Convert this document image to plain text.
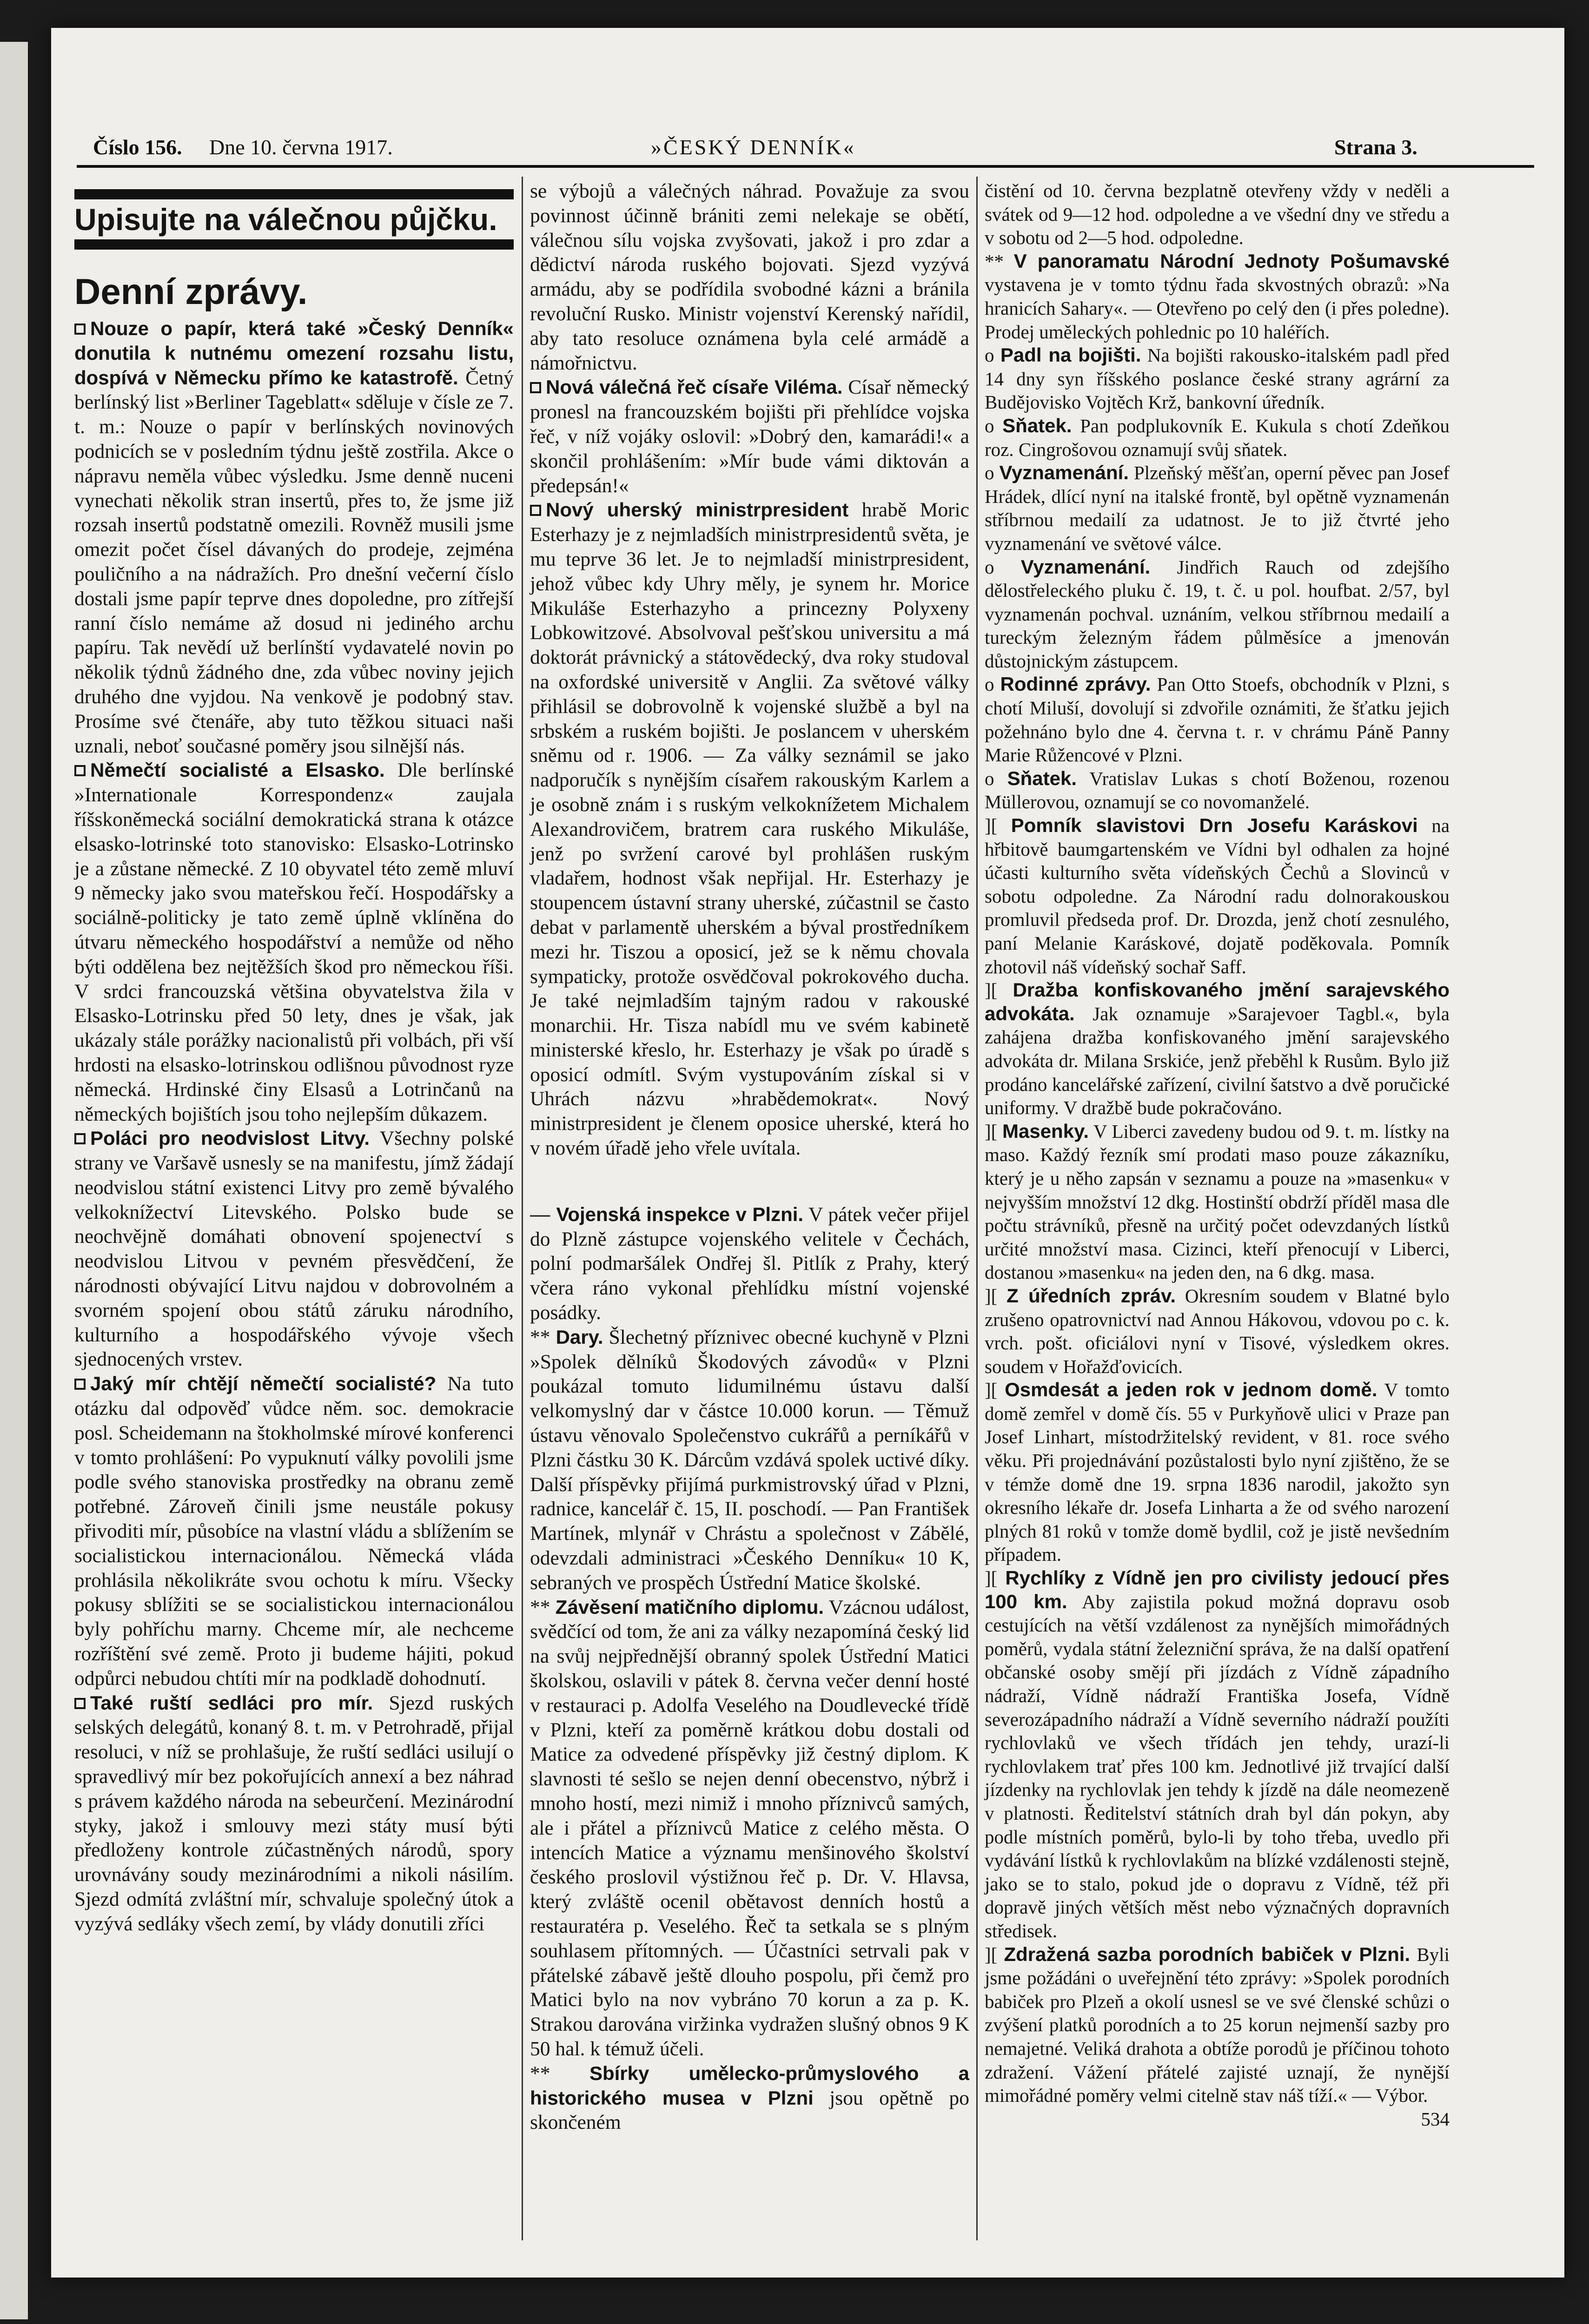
Číslo 156. Dne 10. června 1917.	»ČESKÝ DENNÍK«	Strana 3.
Upisujte na válečnou půjčku.
Denní zprávy.

Nouze o papír, která také »Český Denník« donutila k nutnému omezení rozsahu listu, dospívá v Německu přímo ke katastrofě. Četný berlínský list »Berliner Tageblatt« sděluje v čísle ze 7. t. m.: Nouze o papír v berlínských novinových podnicích se v posledním týdnu ještě zostřila. Akce o nápravu neměla vůbec výsledku. Jsme denně nuceni vynechati několik stran insertů, přes to, že jsme již rozsah insertů podstatně omezili. Rovněž musili jsme omezit počet čísel dávaných do prodeje, zejména pouličního a na nádražích. Pro dnešní večerní číslo dostali jsme papír teprve dnes dopoledne, pro zítřejší ranní číslo nemáme až dosud ni jediného archu papíru. Tak nevědí už berlínští vydavatelé novin po několik týdnů žádného dne, zda vůbec noviny jejich druhého dne vyjdou. Na venkově je podobný stav. Prosíme své čtenáře, aby tuto těžkou situaci naši uznali, neboť současné poměry jsou silnější nás.

Němečtí socialisté a Elsasko. Dle berlínské »Internationale Korrespondenz« zaujala říšskoněmecká sociální demokratická strana k otázce elsasko-lotrinské toto stanovisko: Elsasko-Lotrinsko je a zůstane německé. Z 10 obyvatel této země mluví 9 německy jako svou mateřskou řečí. Hospodářsky a sociálně-politicky je tato země úplně vklíněna do útvaru německého hospodářství a nemůže od něho býti oddělena bez nejtěžších škod pro německou říši. V srdci francouzská většina obyvatelstva žila v Elsasko-Lotrinsku před 50 lety, dnes je však, jak ukázaly stále porážky nacionalistů při volbách, při vší hrdosti na elsasko-lotrinskou odlišnou původnost ryze německá. Hrdinské činy Elsasů a Lotrinčanů na německých bojištích jsou toho nejlepším důkazem.

Poláci pro neodvislost Litvy. Všechny polské strany ve Varšavě usnesly se na manifestu, jímž žádají neodvislou státní existenci Litvy pro země bývalého velkoknížectví Litevského. Polsko bude se neochvějně domáhati obnovení spojenectví s neodvislou Litvou v pevném přesvědčení, že národnosti obývající Litvu najdou v dobrovolném a svorném spojení obou států záruku národního, kulturního a hospodářského vývoje všech sjednocených vrstev.

Jaký mír chtějí němečtí socialisté? Na tuto otázku dal odpověď vůdce něm. soc. demokracie posl. Scheidemann na štokholmské mírové konferenci v tomto prohlášení: Po vypuknutí války povolili jsme podle svého stanoviska prostředky na obranu země potřebné. Zároveň činili jsme neustále pokusy přivoditi mír, působíce na vlastní vládu a sblížením se socialistickou internacionálou. Německá vláda prohlásila několikráte svou ochotu k míru. Všecky pokusy sblížiti se se socialistickou internacionálou byly pohříchu marny. Chceme mír, ale nechceme rozříštění své země. Proto ji budeme hájiti, pokud odpůrci nebudou chtíti mír na podkladě dohodnutí.

Také ruští sedláci pro mír. Sjezd ruských selských delegátů, konaný 8. t. m. v Petrohradě, přijal resoluci, v níž se prohlašuje, že ruští sedláci usilují o spravedlivý mír bez pokořujících annexí a bez náhrad s právem každého národa na sebeurčení. Mezinárodní styky, jakož i smlouvy mezi státy musí býti předloženy kontrole zúčastněných národů, spory urovnávány soudy mezinárodními a nikoli násilím. Sjezd odmítá zvláštní mír, schvaluje společný útok a vyzývá sedláky všech zemí, by vlády donutili zříci

se výbojů a válečných náhrad. Považuje za svou povinnost účinně brániti zemi nelekaje se obětí, válečnou sílu vojska zvyšovati, jakož i pro zdar a dědictví národa ruského bojovati. Sjezd vyzývá armádu, aby se podřídila svobodné kázni a bránila revoluční Rusko. Ministr vojenství Kerenský nařídil, aby tato resoluce oznámena byla celé armádě a námořnictvu.

Nová válečná řeč císaře Viléma. Císař německý pronesl na francouzském bojišti při přehlídce vojska řeč, v níž vojáky oslovil: »Dobrý den, kamarádi!« a skončil prohlášením: »Mír bude vámi diktován a předepsán!«

Nový uherský ministrpresident hrabě Moric Esterhazy je z nejmladších ministrpresidentů světa, je mu teprve 36 let. Je to nejmladší ministrpresident, jehož vůbec kdy Uhry měly, je synem hr. Morice Mikuláše Esterhazyho a princezny Polyxeny Lobkowitzové. Absolvoval pešťskou universitu a má doktorát právnický a státovědecký, dva roky studoval na oxfordské universitě v Anglii. Za světové války přihlásil se dobrovolně k vojenské službě a byl na srbském a ruském bojišti. Je poslancem v uherském sněmu od r. 1906. — Za války seznámil se jako nadporučík s nynějším císařem rakouským Karlem a je osobně znám i s ruským velkoknížetem Michalem Alexandrovičem, bratrem cara ruského Mikuláše, jenž po svržení carové byl prohlášen ruským vladařem, hodnost však nepřijal. Hr. Esterhazy je stoupencem ústavní strany uherské, zúčastnil se často debat v parlamentě uherském a býval prostředníkem mezi hr. Tiszou a oposicí, jež se k němu chovala sympaticky, protože osvědčoval pokrokového ducha. Je také nejmladším tajným radou v rakouské monarchii. Hr. Tisza nabídl mu ve svém kabinetě ministerské křeslo, hr. Esterhazy je však po úradě s oposicí odmítl. Svým vystupováním získal si v Uhrách názvu »hrabědemokrat«. Nový ministrpresident je členem oposice uherské, která ho v novém úřadě jeho vřele uvítala.

— Vojenská inspekce v Plzni. V pátek večer přijel do Plzně zástupce vojenského velitele v Čechách, polní podmaršálek Ondřej šl. Pitlík z Prahy, který včera ráno vykonal přehlídku místní vojenské posádky.

** Dary. Šlechetný příznivec obecné kuchyně v Plzni »Spolek dělníků Škodových závodů« v Plzni poukázal tomuto lidumilnému ústavu další velkomyslný dar v částce 10.000 korun. — Těmuž ústavu věnovalo Společenstvo cukrářů a perníkářů v Plzni částku 30 K. Dárcům vzdává spolek uctivé díky. Další příspěvky přijímá purkmistrovský úřad v Plzni, radnice, kancelář č. 15, II. poschodí. — Pan František Martínek, mlynář v Chrástu a společnost v Zábělé, odevzdali administraci »Českého Denníku« 10 K, sebraných ve prospěch Ústřední Matice školské.

** Závěsení matičního diplomu. Vzácnou událost, svědčící od tom, že ani za války nezapomíná český lid na svůj nejpřednější obranný spolek Ústřední Matici školskou, oslavili v pátek 8. června večer denní hosté v restauraci p. Adolfa Veselého na Doudlevecké třídě v Plzni, kteří za poměrně krátkou dobu dostali od Matice za odvedené příspěvky již čestný diplom. K slavnosti té sešlo se nejen denní obecenstvo, nýbrž i mnoho hostí, mezi nimiž i mnoho příznivců samých, ale i přátel a příznivců Matice z celého města. O intencích Matice a významu menšinového školství českého proslovil výstižnou řeč p. Dr. V. Hlavsa, který zvláště ocenil obětavost denních hostů a restauratéra p. Veselého. Řeč ta setkala se s plným souhlasem přítomných. — Účastníci setrvali pak v přátelské zábavě ještě dlouho pospolu, při čemž pro Matici bylo na nov vybráno 70 korun a za p. K. Strakou darována viržinka vydražen slušný obnos 9 K 50 hal. k témuž účeli.

** Sbírky umělecko-průmyslového a historického musea v Plzni jsou opětně po skončeném

čistění od 10. června bezplatně otevřeny vždy v neděli a svátek od 9—12 hod. odpoledne a ve všední dny ve středu a v sobotu od 2—5 hod. odpoledne.

** V panoramatu Národní Jednoty Pošumavské vystavena je v tomto týdnu řada skvostných obrazů: »Na hranicích Sahary«. — Otevřeno po celý den (i přes poledne). Prodej uměleckých pohlednic po 10 haléřích.

o Padl na bojišti. Na bojišti rakousko-italském padl před 14 dny syn říšského poslance české strany agrární za Budějovisko Vojtěch Krž, bankovní úředník.

o Sňatek. Pan podplukovník E. Kukula s chotí Zdeňkou roz. Cingrošovou oznamují svůj sňatek.

o Vyznamenání. Plzeňský měšťan, operní pěvec pan Josef Hrádek, dlící nyní na italské frontě, byl opětně vyznamenán stříbrnou medailí za udatnost. Je to již čtvrté jeho vyznamenání ve světové válce.

o Vyznamenání. Jindřich Rauch od zdejšího dělostřeleckého pluku č. 19, t. č. u pol. houfbat. 2/57, byl vyznamenán pochval. uznáním, velkou stříbrnou medailí a tureckým železným řádem půlměsíce a jmenován důstojnickým zástupcem.

o Rodinné zprávy. Pan Otto Stoefs, obchodník v Plzni, s chotí Miluší, dovolují si zdvořile oznámiti, že šťatku jejich požehnáno bylo dne 4. června t. r. v chrámu Páně Panny Marie Růžencové v Plzni.

o Sňatek. Vratislav Lukas s chotí Boženou, rozenou Müllerovou, oznamují se co novomanželé.

][ Pomník slavistovi Drn Josefu Karáskovi na hřbitově baumgartenském ve Vídni byl odhalen za hojné účasti kulturního světa vídeňských Čechů a Slovinců v sobotu odpoledne. Za Národní radu dolnorakouskou promluvil předseda prof. Dr. Drozda, jenž chotí zesnulého, paní Melanie Karáskové, dojatě poděkovala. Pomník zhotovil náš vídeňský sochař Saff.

][ Dražba konfiskovaného jmění sarajevského advokáta. Jak oznamuje »Sarajevoer Tagbl.«, byla zahájena dražba konfiskovaného jmění sarajevského advokáta dr. Milana Srskiće, jenž přeběhl k Rusům. Bylo již prodáno kancelářské zařízení, civilní šatstvo a dvě poručické uniformy. V dražbě bude pokračováno.

][ Masenky. V Liberci zavedeny budou od 9. t. m. lístky na maso. Každý řezník smí prodati maso pouze zákazníku, který je u něho zapsán v seznamu a pouze na »masenku« v nejvyšším množství 12 dkg. Hostinští obdrží příděl masa dle počtu strávníků, přesně na určitý počet odevzdaných lístků určité množství masa. Cizinci, kteří přenocují v Liberci, dostanou »masenku« na jeden den, na 6 dkg. masa.

][ Z úředních zpráv. Okresním soudem v Blatné bylo zrušeno opatrovnictví nad Annou Hákovou, vdovou po c. k. vrch. pošt. oficiálovi nyní v Tisové, výsledkem okres. soudem v Hořažďovicích.

][ Osmdesát a jeden rok v jednom domě. V tomto domě zemřel v domě čís. 55 v Purkyňově ulici v Praze pan Josef Linhart, místodržitelský revident, v 81. roce svého věku. Při projednávání pozůstalosti bylo nyní zjištěno, že se v témže domě dne 19. srpna 1836 narodil, jakožto syn okresního lékaře dr. Josefa Linharta a že od svého narození plných 81 roků v tomže domě bydlil, což je jistě nevšedním případem.

][ Rychlíky z Vídně jen pro civilisty jedoucí přes 100 km. Aby zajistila pokud možná dopravu osob cestujících na větší vzdálenost za nynějších mimořádných poměrů, vydala státní železniční správa, že na další opatření občanské osoby smějí při jízdách z Vídně západního nádraží, Vídně nádraží Františka Josefa, Vídně severozápadního nádraží a Vídně severního nádraží použíti rychlovlaků ve všech třídách jen tehdy, urazí-li rychlovlakem trať přes 100 km. Jednotlivé již trvající další jízdenky na rychlovlak jen tehdy k jízdě na dále neomezeně v platnosti. Ředitelství státních drah byl dán pokyn, aby podle místních poměrů, bylo-li by toho třeba, uvedlo při vydávání lístků k rychlovlakům na blízké vzdálenosti stejně, jako se to stalo, pokud jde o dopravu z Vídně, též při dopravě jiných větších měst nebo význačných dopravních středisek.

][ Zdražená sazba porodních babiček v Plzni. Byli jsme požádáni o uveřejnění této zprávy: »Spolek porodních babiček pro Plzeň a okolí usnesl se ve své členské schůzi o zvýšení platků porodních a to 25 korun nejmenší sazby pro nemajetné. Veliká drahota a obtíže porodů je příčinou tohoto zdražení. Vážení přátelé zajisté uznají, že nynější mimořádné poměry velmi citelně stav náš tíží.« — Výbor.

534
